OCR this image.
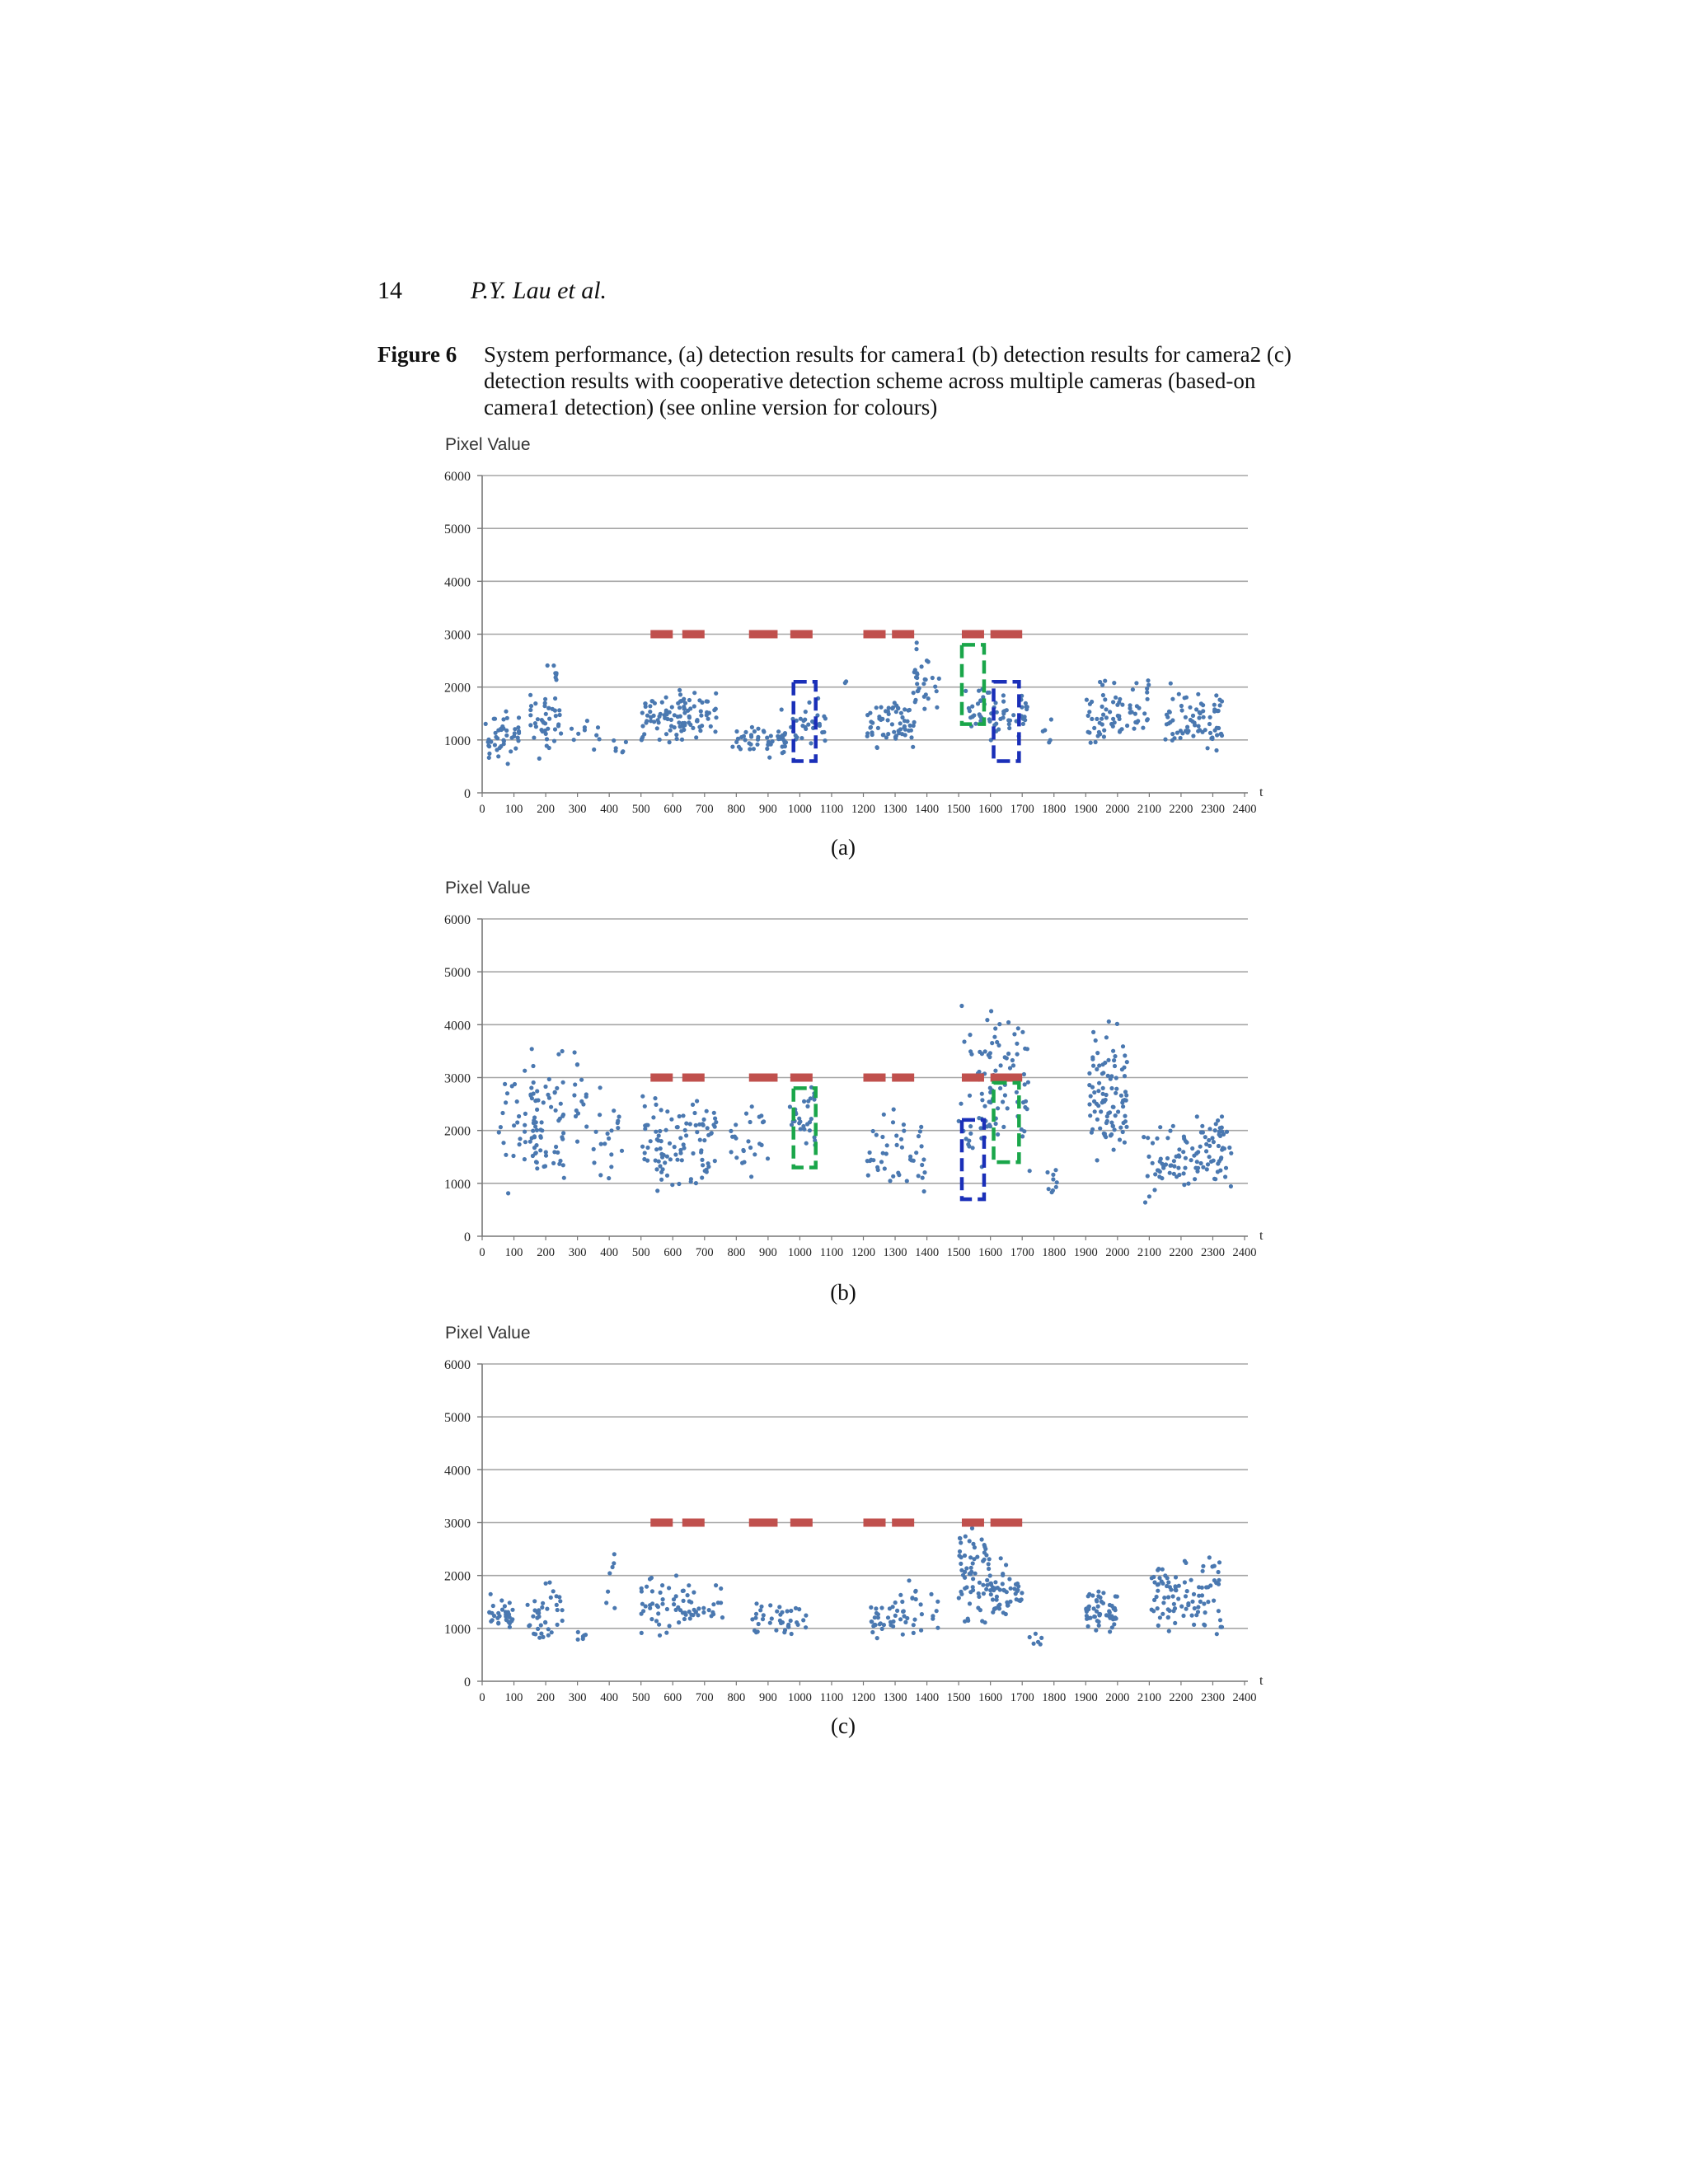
14	P.Y. Lau et al.
Figure 6 System performance, (a) detection results for camera1 (b) detection results for camera2 (c) detection results with cooperative detection scheme across multiple cameras (based-on camera1 detection) (see online version for colours)
Pixel Value
0
1000
2000
3000
4000
5000
6000
0 100 200 300 400 500 600 700 800 900 1000 1100 1200 1300 1400 1500 1600 1700 1800 1900 2000 2100 2200 2300 2400
t
(a)
Pixel Value
0
1000
2000
3000
4000
5000
6000
0 100 200 300 400 500 600 700 800 900 1000 1100 1200 1300 1400 1500 1600 1700 1800 1900 2000 2100 2200 2300 2400
t
(b)
Pixel Value
0
1000
2000
3000
4000
5000
6000
0 100 200 300 400 500 600 700 800 900 1000 1100 1200 1300 1400 1500 1600 1700 1800 1900 2000 2100 2200 2300 2400
t
(c)
